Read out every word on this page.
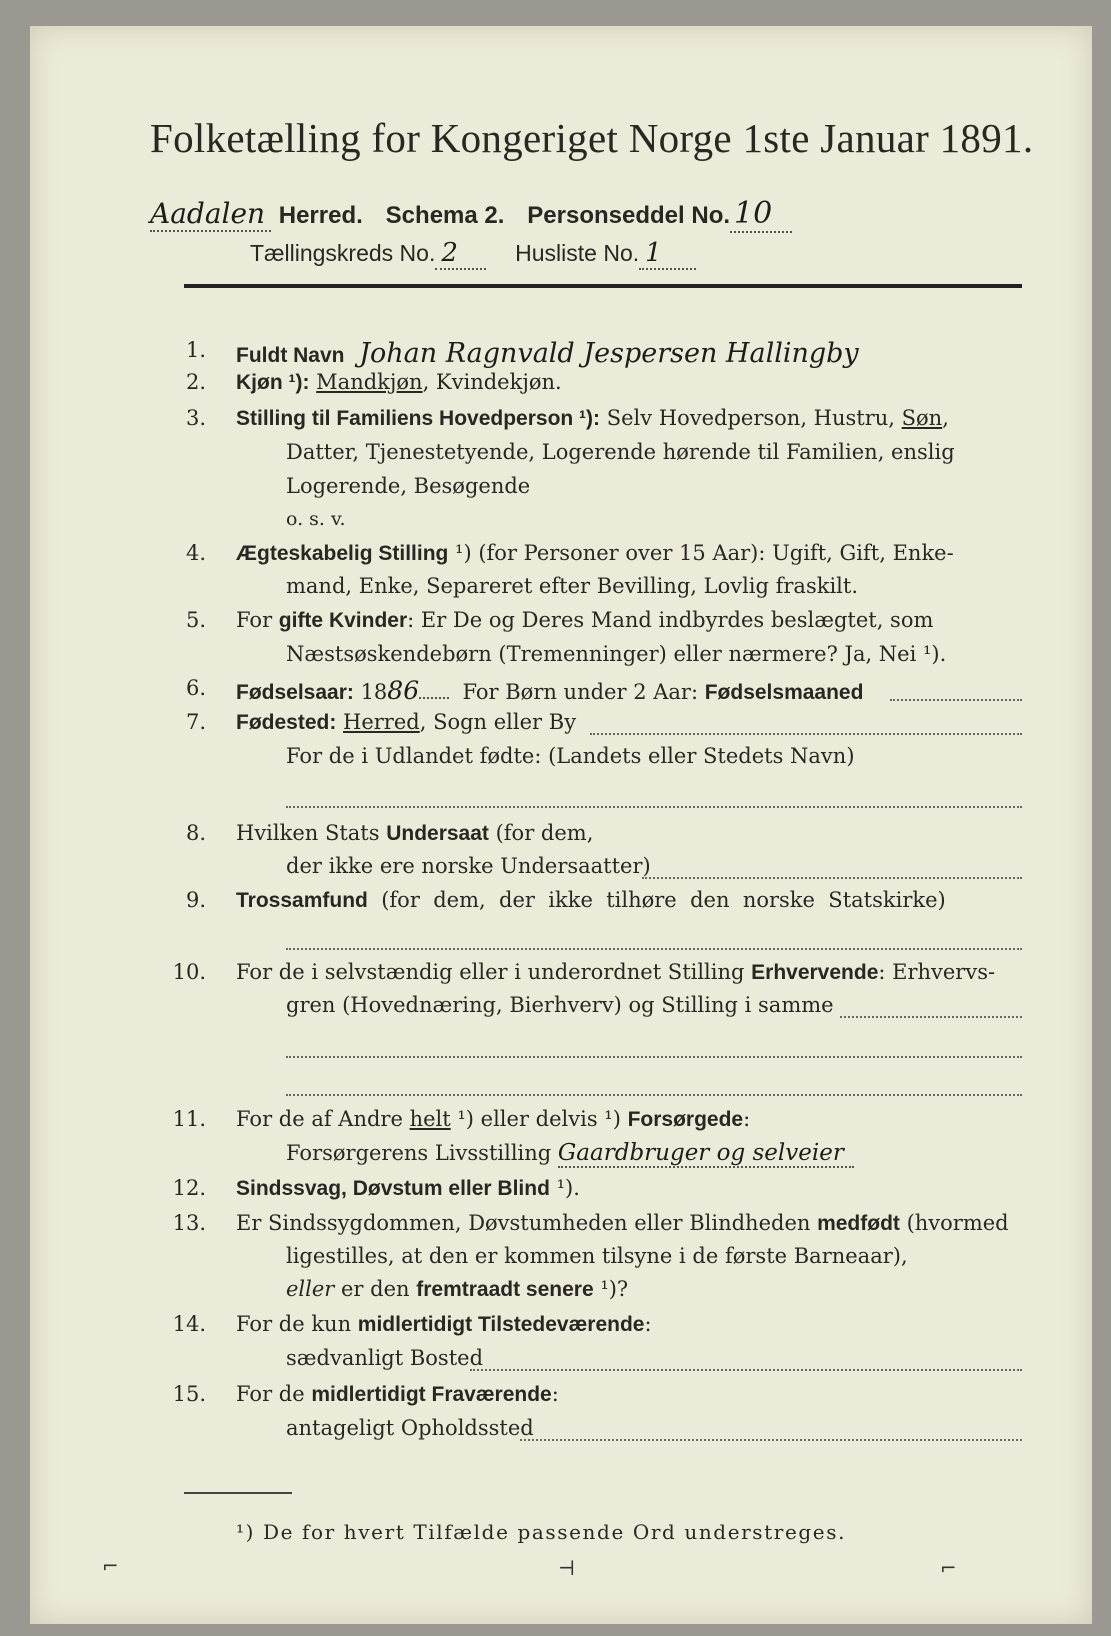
Folketælling for Kongeriget Norge 1ste Januar 1891.
Aadalen Herred. Schema 2. Personseddel No. 10
Tællingskreds No. 2 Husliste No. 1
1. Fuldt Navn Johan Ragnvald Jespersen Hallingby
2. Kjøn ¹): Mandkjøn, Kvindekjøn.
3. Stilling til Familiens Hovedperson ¹): Selv Hovedperson, Hustru, Søn,
Datter, Tjenestetyende, Logerende hørende til Familien, enslig
Logerende, Besøgende
o. s. v.
4. Ægteskabelig Stilling ¹) (for Personer over 15 Aar): Ugift, Gift, Enke-
mand, Enke, Separeret efter Bevilling, Lovlig fraskilt.
5. For gifte Kvinder: Er De og Deres Mand indbyrdes beslægtet, som
Næstsøskendebørn (Tremenninger) eller nærmere? Ja, Nei ¹).
6. Fødselsaar: 1886 For Børn under 2 Aar: Fødselsmaaned
7. Fødested: Herred, Sogn eller By
For de i Udlandet fødte: (Landets eller Stedets Navn)
8. Hvilken Stats Undersaat (for dem,
der ikke ere norske Undersaatter)
9. Trossamfund  (for  dem,  der  ikke  tilhøre  den  norske  Statskirke)
10. For de i selvstændig eller i underordnet Stilling Erhvervende: Erhvervs-
gren (Hovednæring, Bierhverv) og Stilling i samme
11. For de af Andre helt ¹) eller delvis ¹) Forsørgede:
Forsørgerens Livsstilling Gaardbruger og selveier
12. Sindssvag, Døvstum eller Blind ¹).
13. Er Sindssygdommen, Døvstumheden eller Blindheden medfødt (hvormed
ligestilles, at den er kommen tilsyne i de første Barneaar),
eller er den fremtraadt senere ¹)?
14. For de kun midlertidigt Tilstedeværende:
sædvanligt Bosted
15. For de midlertidigt Fraværende:
antageligt Opholdssted
¹) De for hvert Tilfælde passende Ord understreges.
⌐	⊣	⌐
